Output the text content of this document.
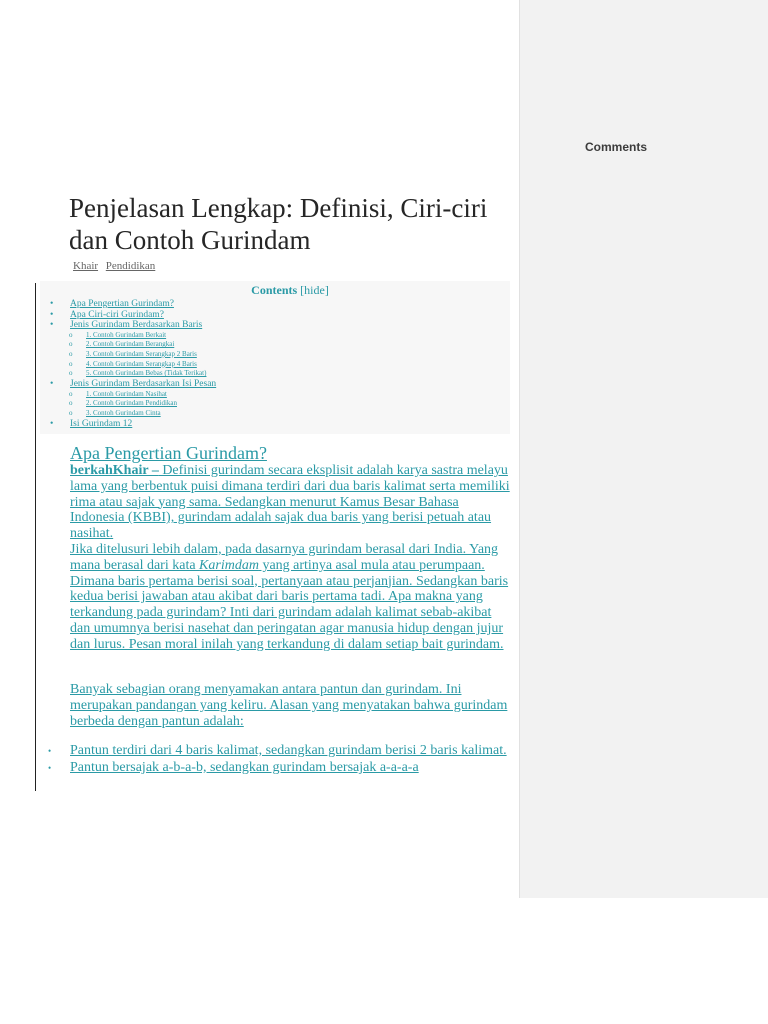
Comments
Penjelasan Lengkap: Definisi, Ciri-ciri dan Contoh Gurindam
Khair Pendidikan
Contents [hide]
• Apa Pengertian Gurindam?
• Apa Ciri-ciri Gurindam?
• Jenis Gurindam Berdasarkan Baris
o 1. Contoh Gurindam Berkait
o 2. Contoh Gurindam Berangkai
o 3. Contoh Gurindam Serangkap 2 Baris
o 4. Contoh Gurindam Serangkap 4 Baris
o 5. Contoh Gurindam Bebas (Tidak Terikat)
• Jenis Gurindam Berdasarkan Isi Pesan
o 1. Contoh Gurindam Nasihat
o 2. Contoh Gurindam Pendidikan
o 3. Contoh Gurindam Cinta
• Isi Gurindam 12
Apa Pengertian Gurindam?

berkahKhair – Definisi gurindam secara eksplisit adalah karya sastra melayu lama yang berbentuk puisi dimana terdiri dari dua baris kalimat serta memiliki rima atau sajak yang sama. Sedangkan menurut Kamus Besar Bahasa Indonesia (KBBI), gurindam adalah sajak dua baris yang berisi petuah atau nasihat.

Jika ditelusuri lebih dalam, pada dasarnya gurindam berasal dari India. Yang mana berasal dari kata Karimdam yang artinya asal mula atau perumpaan. Dimana baris pertama berisi soal, pertanyaan atau perjanjian. Sedangkan baris kedua berisi jawaban atau akibat dari baris pertama tadi. Apa makna yang terkandung pada gurindam? Inti dari gurindam adalah kalimat sebab-akibat dan umumnya berisi nasehat dan peringatan agar manusia hidup dengan jujur dan lurus. Pesan moral inilah yang terkandung di dalam setiap bait gurindam.

Banyak sebagian orang menyamakan antara pantun dan gurindam. Ini merupakan pandangan yang keliru. Alasan yang menyatakan bahwa gurindam berbeda dengan pantun adalah:

• Pantun terdiri dari 4 baris kalimat, sedangkan gurindam berisi 2 baris kalimat.
• Pantun bersajak a-b-a-b, sedangkan gurindam bersajak a-a-a-a
